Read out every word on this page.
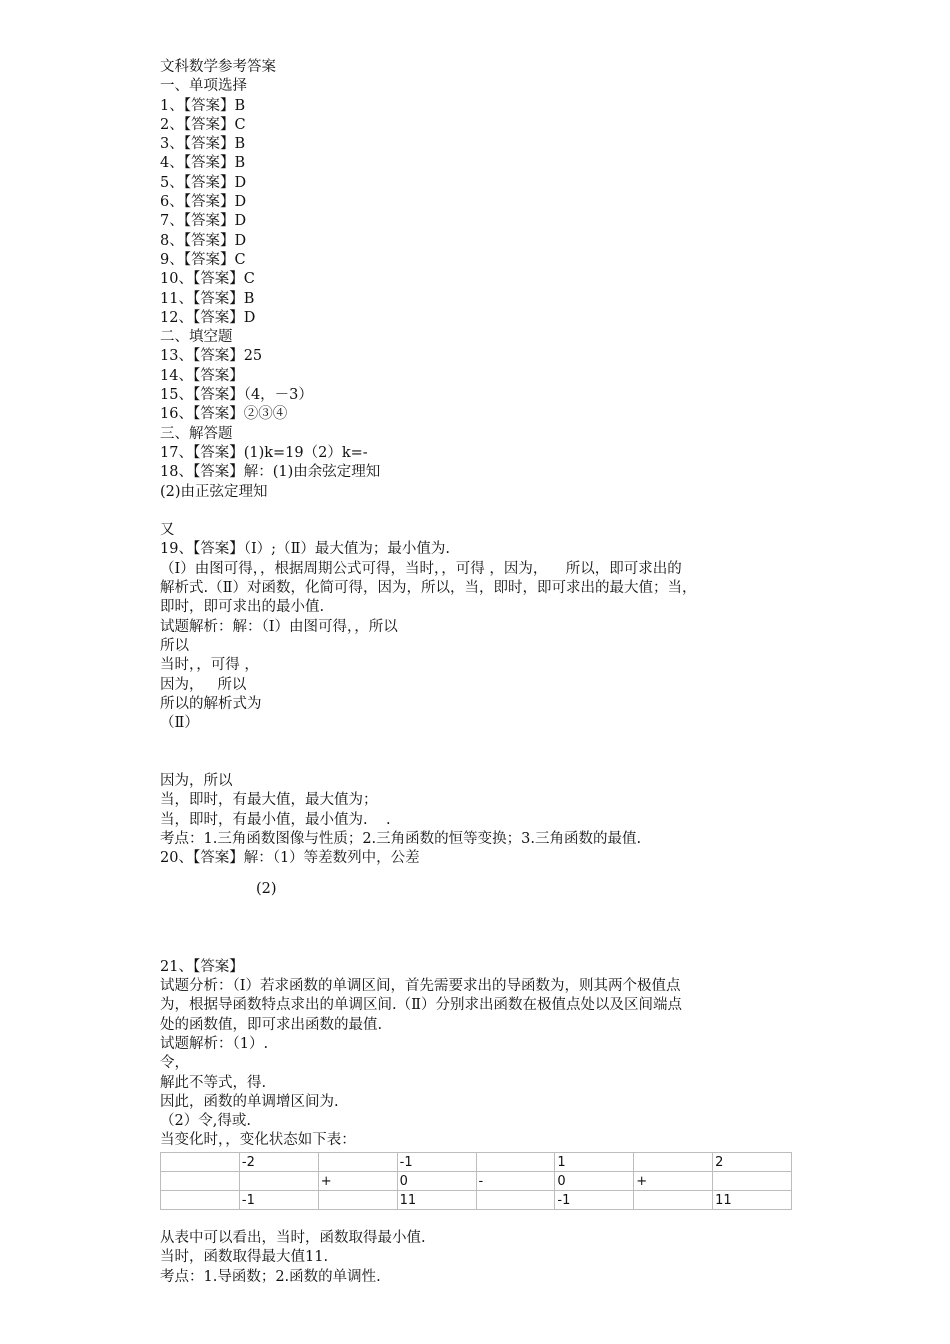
文科数学参考答案

一、单项选择

1、【答案】B

2、【答案】C

3、【答案】B

4、【答案】B

5、【答案】D

6、【答案】D

7、【答案】D

8、【答案】D

9、【答案】C

10、【答案】C

11、【答案】B

12、【答案】D

二、填空题

13、【答案】25

14、【答案】

15、【答案】（4，－3）

16、【答案】②③④

三、解答题

17、【答案】(1)k=19（2）k=-

18、【答案】解：(1)由余弦定理知

(2)由正弦定理知

又

19、【答案】（Ⅰ）;（Ⅱ）最大值为；最小值为.

（Ⅰ）由图可得，，根据周期公式可得，当时，，可得 ，因为，    所以，即可求出的

解析式.（Ⅱ）对函数，化简可得，因为，所以，当，即时，即可求出的最大值；当，

即时，即可求出的最小值.

试题解析：解：（Ⅰ）由图可得，，所以

所以

当时，，可得 ，

因为，   所以

所以的解析式为

（Ⅱ）

因为，所以

当，即时，有最大值，最大值为；

当，即时，有最小值，最小值为.    .

考点：1.三角函数图像与性质；2.三角函数的恒等变换；3.三角函数的最值.

20、【答案】解：（1）等差数列中，公差

(2)

21、【答案】

试题分析：（Ⅰ）若求函数的单调区间，首先需要求出的导函数为，则其两个极值点

为，根据导函数特点求出的单调区间.（Ⅱ）分别求出函数在极值点处以及区间端点

处的函数值，即可求出函数的最值.

试题解析：（1）.

令，

解此不等式，得.

因此，函数的单调增区间为.

（2）令,得或.

当变化时，，变化状态如下表：

	-2		-1		1		2
		+	0	-	0	+	
	-1		11		-1		11

从表中可以看出，当时，函数取得最小值.

当时，函数取得最大值11.

考点：1.导函数；2.函数的单调性.
